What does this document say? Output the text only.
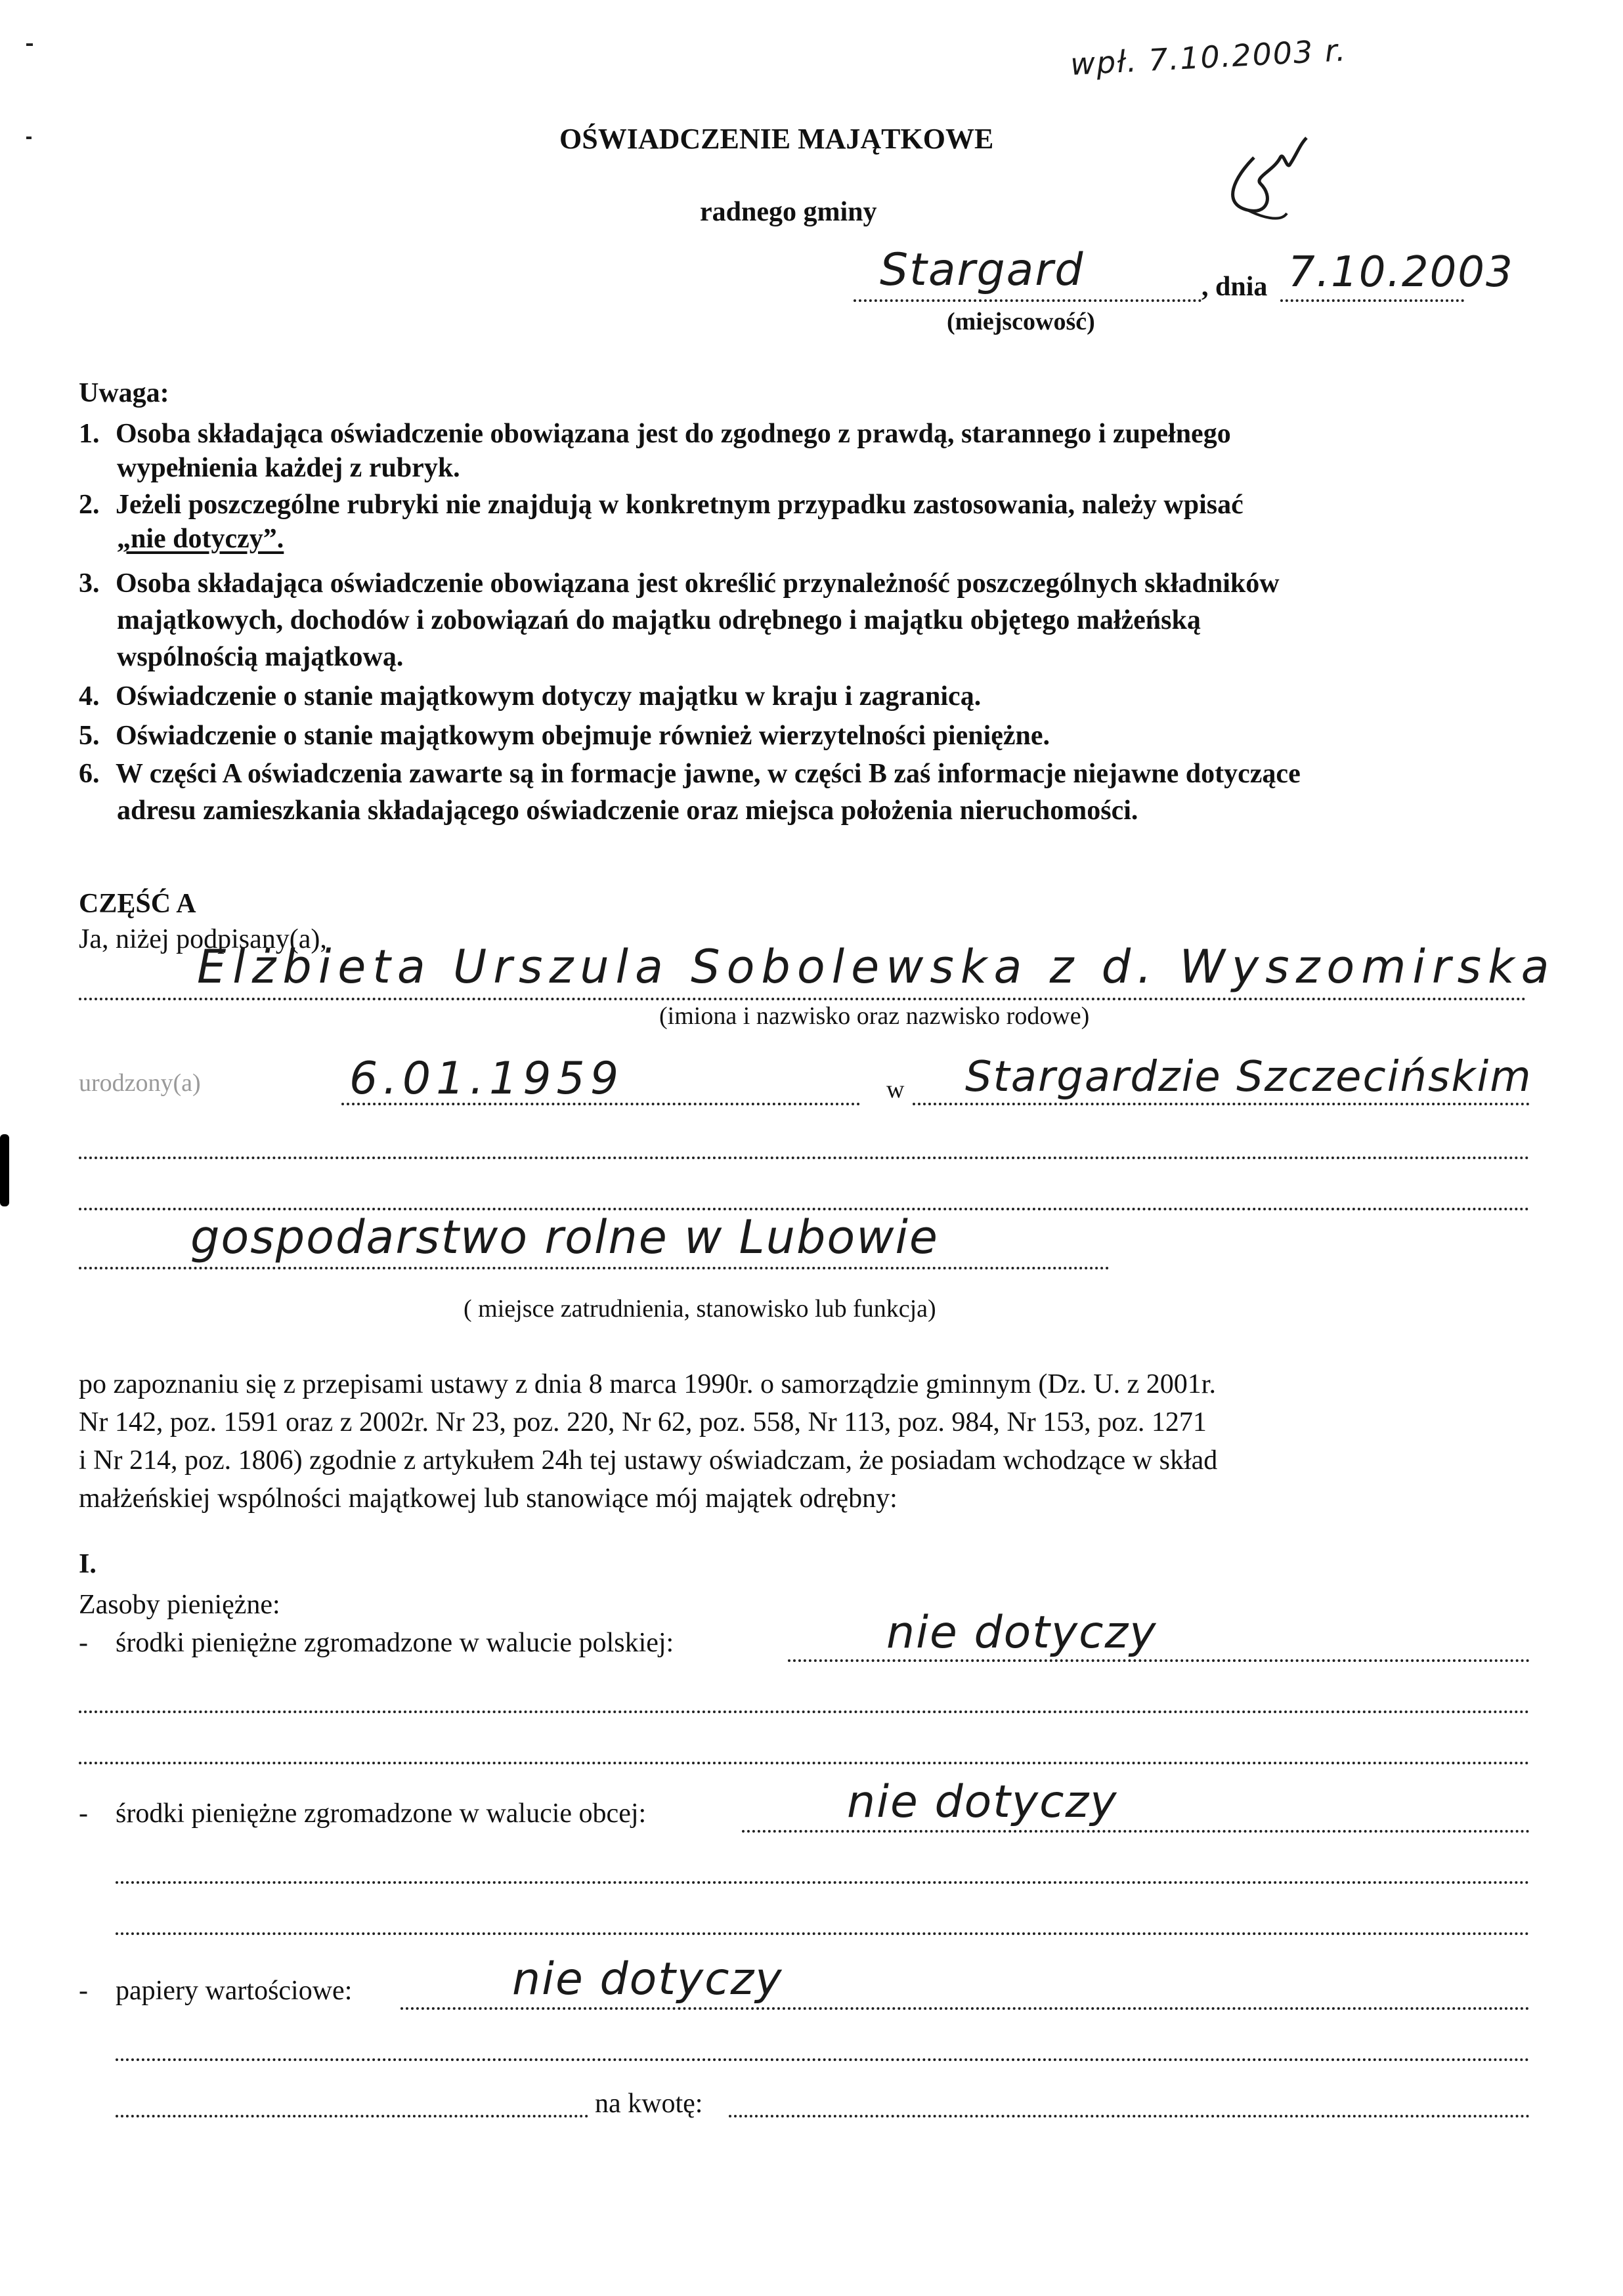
wpł. 7.10.2003 r.
OŚWIADCZENIE MAJĄTKOWE
radnego gminy
Stargard	, dnia 7.10.2003
(miejscowość)
Uwaga:
1. Osoba składająca oświadczenie obowiązana jest do zgodnego z prawdą, starannego i zupełnego
wypełnienia każdej z rubryk.
2. Jeżeli poszczególne rubryki nie znajdują w konkretnym przypadku zastosowania, należy wpisać
„nie dotyczy”.
3. Osoba składająca oświadczenie obowiązana jest określić przynależność poszczególnych składników
majątkowych, dochodów i zobowiązań do majątku odrębnego i majątku objętego małżeńską
wspólnością majątkową.
4. Oświadczenie o stanie majątkowym dotyczy majątku w kraju i zagranicą.
5. Oświadczenie o stanie majątkowym obejmuje również wierzytelności pieniężne.
6. W części A oświadczenia zawarte są in formacje jawne, w części B zaś informacje niejawne dotyczące
adresu zamieszkania składającego oświadczenie oraz miejsca położenia nieruchomości.
CZĘŚĆ A
Ja, niżej podpisany(a),
Elżbieta Urszula Sobolewska z d. Wyszomirska
(imiona i nazwisko oraz nazwisko rodowe)
urodzony(a)	6.01.1959	w Stargardzie Szczecińskim
gospodarstwo rolne w Lubowie
( miejsce zatrudnienia, stanowisko lub funkcja)
po zapoznaniu się z przepisami ustawy z dnia 8 marca 1990r. o samorządzie gminnym (Dz. U. z 2001r.
Nr 142, poz. 1591 oraz z 2002r. Nr 23, poz. 220, Nr 62, poz. 558, Nr 113, poz. 984, Nr 153, poz. 1271
i Nr 214, poz. 1806) zgodnie z artykułem 24h tej ustawy oświadczam, że posiadam wchodzące w skład
małżeńskiej wspólności majątkowej lub stanowiące mój majątek odrębny:
I.
Zasoby pieniężne:
- środki pieniężne zgromadzone w walucie polskiej:	nie dotyczy
- środki pieniężne zgromadzone w walucie obcej:	nie dotyczy
- papiery wartościowe:	nie dotyczy
na kwotę:
